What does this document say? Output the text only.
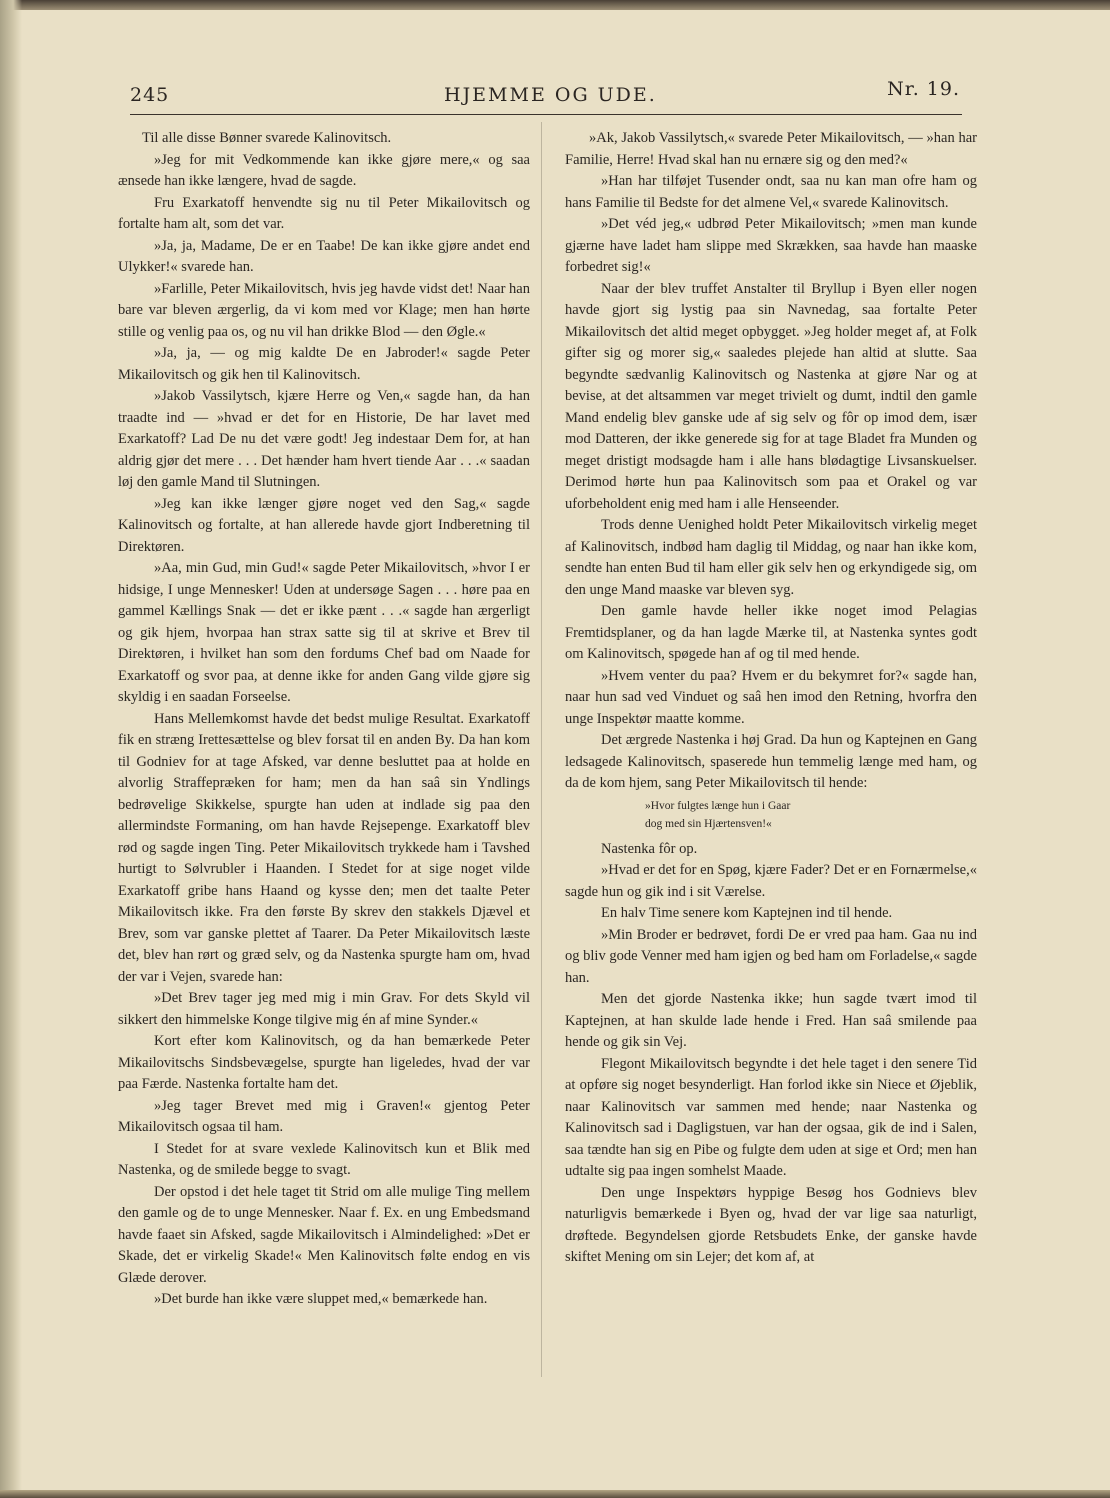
245	HJEMME OG UDE.	Nr. 19.

Til alle disse Bønner svarede Kalinovitsch.

»Jeg for mit Vedkommende kan ikke gjøre mere,« og saa ænsede han ikke længere, hvad de sagde.

Fru Exarkatoff henvendte sig nu til Peter Mikailovitsch og fortalte ham alt, som det var.

»Ja, ja, Madame, De er en Taabe! De kan ikke gjøre andet end Ulykker!« svarede han.

»Farlille, Peter Mikailovitsch, hvis jeg havde vidst det! Naar han bare var bleven ærgerlig, da vi kom med vor Klage; men han hørte stille og venlig paa os, og nu vil han drikke Blod — den Øgle.«

»Ja, ja, — og mig kaldte De en Jabroder!« sagde Peter Mikailovitsch og gik hen til Kalinovitsch.

»Jakob Vassilytsch, kjære Herre og Ven,« sagde han, da han traadte ind — »hvad er det for en Historie, De har lavet med Exarkatoff? Lad De nu det være godt! Jeg indestaar Dem for, at han aldrig gjør det mere . . . Det hænder ham hvert tiende Aar . . .« saadan løj den gamle Mand til Slutningen.

»Jeg kan ikke længer gjøre noget ved den Sag,« sagde Kalinovitsch og fortalte, at han allerede havde gjort Indberetning til Direktøren.

»Aa, min Gud, min Gud!« sagde Peter Mikailovitsch, »hvor I er hidsige, I unge Mennesker! Uden at undersøge Sagen . . . høre paa en gammel Kællings Snak — det er ikke pænt . . .« sagde han ærgerligt og gik hjem, hvorpaa han strax satte sig til at skrive et Brev til Direktøren, i hvilket han som den fordums Chef bad om Naade for Exarkatoff og svor paa, at denne ikke for anden Gang vilde gjøre sig skyldig i en saadan Forseelse.

Hans Mellemkomst havde det bedst mulige Resultat. Exarkatoff fik en stræng Irettesættelse og blev forsat til en anden By. Da han kom til Godniev for at tage Afsked, var denne besluttet paa at holde en alvorlig Straffepræken for ham; men da han saâ sin Yndlings bedrøvelige Skikkelse, spurgte han uden at indlade sig paa den allermindste Formaning, om han havde Rejsepenge. Exarkatoff blev rød og sagde ingen Ting. Peter Mikailovitsch trykkede ham i Tavshed hurtigt to Sølvrubler i Haanden. I Stedet for at sige noget vilde Exarkatoff gribe hans Haand og kysse den; men det taalte Peter Mikailovitsch ikke. Fra den første By skrev den stakkels Djævel et Brev, som var ganske plettet af Taarer. Da Peter Mikailovitsch læste det, blev han rørt og græd selv, og da Nastenka spurgte ham om, hvad der var i Vejen, svarede han:

»Det Brev tager jeg med mig i min Grav. For dets Skyld vil sikkert den himmelske Konge tilgive mig én af mine Synder.«

Kort efter kom Kalinovitsch, og da han bemærkede Peter Mikailovitschs Sindsbevægelse, spurgte han ligeledes, hvad der var paa Færde. Nastenka fortalte ham det.

»Jeg tager Brevet med mig i Graven!« gjentog Peter Mikailovitsch ogsaa til ham.

I Stedet for at svare vexlede Kalinovitsch kun et Blik med Nastenka, og de smilede begge to svagt.

Der opstod i det hele taget tit Strid om alle mulige Ting mellem den gamle og de to unge Mennesker. Naar f. Ex. en ung Embedsmand havde faaet sin Afsked, sagde Mikailovitsch i Almindelighed: »Det er Skade, det er virkelig Skade!« Men Kalinovitsch følte endog en vis Glæde derover.

»Det burde han ikke være sluppet med,« bemærkede han.

»Ak, Jakob Vassilytsch,« svarede Peter Mikailovitsch, — »han har Familie, Herre! Hvad skal han nu ernære sig og den med?«

»Han har tilføjet Tusender ondt, saa nu kan man ofre ham og hans Familie til Bedste for det almene Vel,« svarede Kalinovitsch.

»Det véd jeg,« udbrød Peter Mikailovitsch; »men man kunde gjærne have ladet ham slippe med Skrækken, saa havde han maaske forbedret sig!«

Naar der blev truffet Anstalter til Bryllup i Byen eller nogen havde gjort sig lystig paa sin Navnedag, saa fortalte Peter Mikailovitsch det altid meget opbygget. »Jeg holder meget af, at Folk gifter sig og morer sig,« saaledes plejede han altid at slutte. Saa begyndte sædvanlig Kalinovitsch og Nastenka at gjøre Nar og at bevise, at det altsammen var meget trivielt og dumt, indtil den gamle Mand endelig blev ganske ude af sig selv og fôr op imod dem, især mod Datteren, der ikke generede sig for at tage Bladet fra Munden og meget dristigt modsagde ham i alle hans blødagtige Livsanskuelser. Derimod hørte hun paa Kalinovitsch som paa et Orakel og var uforbeholdent enig med ham i alle Henseender.

Trods denne Uenighed holdt Peter Mikailovitsch virkelig meget af Kalinovitsch, indbød ham daglig til Middag, og naar han ikke kom, sendte han enten Bud til ham eller gik selv hen og erkyndigede sig, om den unge Mand maaske var bleven syg.

Den gamle havde heller ikke noget imod Pelagias Fremtidsplaner, og da han lagde Mærke til, at Nastenka syntes godt om Kalinovitsch, spøgede han af og til med hende.

»Hvem venter du paa? Hvem er du bekymret for?« sagde han, naar hun sad ved Vinduet og saâ hen imod den Retning, hvorfra den unge Inspektør maatte komme.

Det ærgrede Nastenka i høj Grad. Da hun og Kaptejnen en Gang ledsagede Kalinovitsch, spaserede hun temmelig længe med ham, og da de kom hjem, sang Peter Mikailovitsch til hende:

»Hvor fulgtes længe hun i Gaar
dog med sin Hjærtensven!«

Nastenka fôr op.

»Hvad er det for en Spøg, kjære Fader? Det er en Fornærmelse,« sagde hun og gik ind i sit Værelse.

En halv Time senere kom Kaptejnen ind til hende.

»Min Broder er bedrøvet, fordi De er vred paa ham. Gaa nu ind og bliv gode Venner med ham igjen og bed ham om Forladelse,« sagde han.

Men det gjorde Nastenka ikke; hun sagde tvært imod til Kaptejnen, at han skulde lade hende i Fred. Han saâ smilende paa hende og gik sin Vej.

Flegont Mikailovitsch begyndte i det hele taget i den senere Tid at opføre sig noget besynderligt. Han forlod ikke sin Niece et Øjeblik, naar Kalinovitsch var sammen med hende; naar Nastenka og Kalinovitsch sad i Dagligstuen, var han der ogsaa, gik de ind i Salen, saa tændte han sig en Pibe og fulgte dem uden at sige et Ord; men han udtalte sig paa ingen somhelst Maade.

Den unge Inspektørs hyppige Besøg hos Godnievs blev naturligvis bemærkede i Byen og, hvad der var lige saa naturligt, drøftede. Begyndelsen gjorde Retsbudets Enke, der ganske havde skiftet Mening om sin Lejer; det kom af, at
